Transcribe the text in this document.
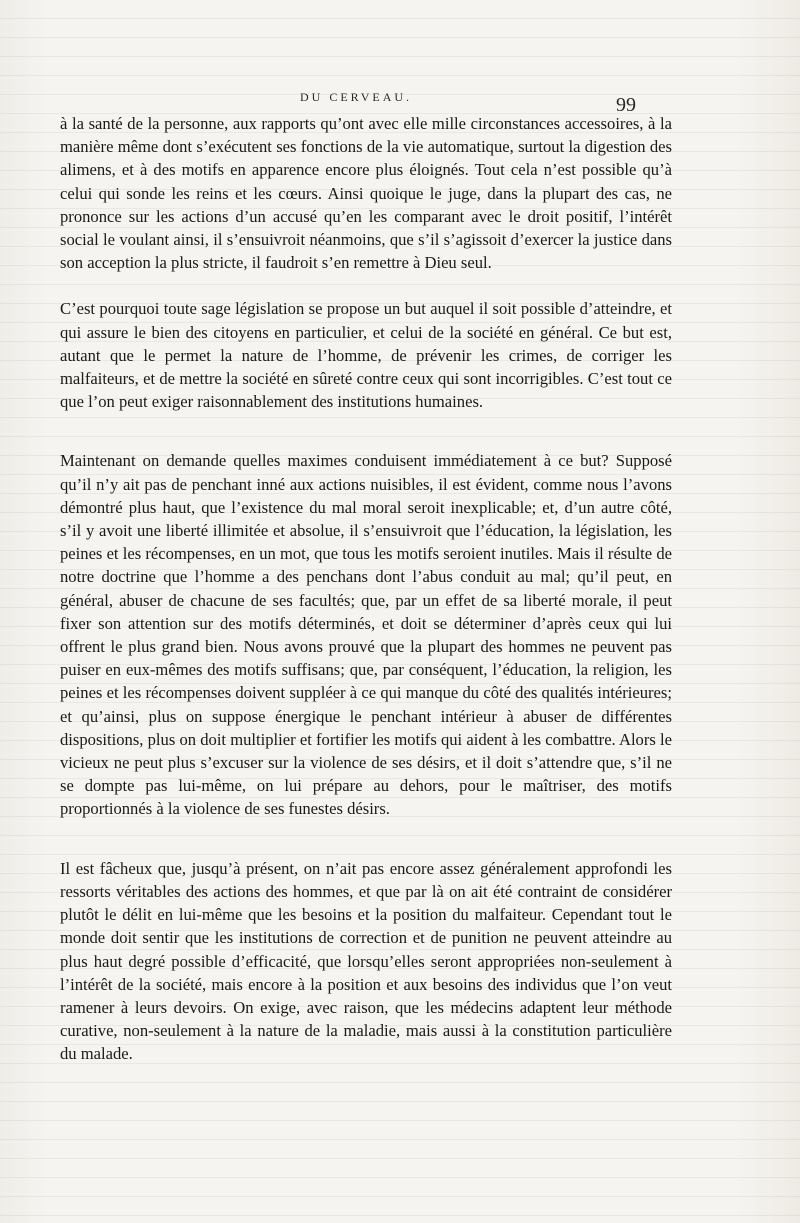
DU CERVEAU.	99

à la santé de la personne, aux rapports qu’ont avec elle mille circonstances accessoires, à la manière même dont s’exécutent ses fonctions de la vie automatique, surtout la digestion des alimens, et à des motifs en apparence encore plus éloignés. Tout cela n’est possible qu’à celui qui sonde les reins et les cœurs. Ainsi quoique le juge, dans la plupart des cas, ne prononce sur les actions d’un accusé qu’en les comparant avec le droit positif, l’intérêt social le voulant ainsi, il s’ensuivroit néanmoins, que s’il s’agissoit d’exercer la justice dans son acception la plus stricte, il faudroit s’en remettre à Dieu seul.

C’est pourquoi toute sage législation se propose un but auquel il soit possible d’atteindre, et qui assure le bien des citoyens en particulier, et celui de la société en général. Ce but est, autant que le permet la nature de l’homme, de prévenir les crimes, de corriger les malfaiteurs, et de mettre la société en sûreté contre ceux qui sont incorrigibles. C’est tout ce que l’on peut exiger raisonnablement des institutions humaines.

Maintenant on demande quelles maximes conduisent immédiatement à ce but? Supposé qu’il n’y ait pas de penchant inné aux actions nuisibles, il est évident, comme nous l’avons démontré plus haut, que l’existence du mal moral seroit inexplicable; et, d’un autre côté, s’il y avoit une liberté illimitée et absolue, il s’ensuivroit que l’éducation, la législation, les peines et les récompenses, en un mot, que tous les motifs seroient inutiles. Mais il résulte de notre doctrine que l’homme a des penchans dont l’abus conduit au mal; qu’il peut, en général, abuser de chacune de ses facultés; que, par un effet de sa liberté morale, il peut fixer son attention sur des motifs déterminés, et doit se déterminer d’après ceux qui lui offrent le plus grand bien. Nous avons prouvé que la plupart des hommes ne peuvent pas puiser en eux-mêmes des motifs suffisans; que, par conséquent, l’éducation, la religion, les peines et les récompenses doivent suppléer à ce qui manque du côté des qualités intérieures; et qu’ainsi, plus on suppose énergique le penchant intérieur à abuser de différentes dispositions, plus on doit multiplier et fortifier les motifs qui aident à les combattre. Alors le vicieux ne peut plus s’excuser sur la violence de ses désirs, et il doit s’attendre que, s’il ne se dompte pas lui-même, on lui prépare au dehors, pour le maîtriser, des motifs proportionnés à la violence de ses funestes désirs.

Il est fâcheux que, jusqu’à présent, on n’ait pas encore assez généralement approfondi les ressorts véritables des actions des hommes, et que par là on ait été contraint de considérer plutôt le délit en lui-même que les besoins et la position du malfaiteur. Cependant tout le monde doit sentir que les institutions de correction et de punition ne peuvent atteindre au plus haut degré possible d’efficacité, que lorsqu’elles seront appropriées non-seulement à l’intérêt de la société, mais encore à la position et aux besoins des individus que l’on veut ramener à leurs devoirs. On exige, avec raison, que les médecins adaptent leur méthode curative, non-seulement à la nature de la maladie, mais aussi à la constitution particulière du malade.
